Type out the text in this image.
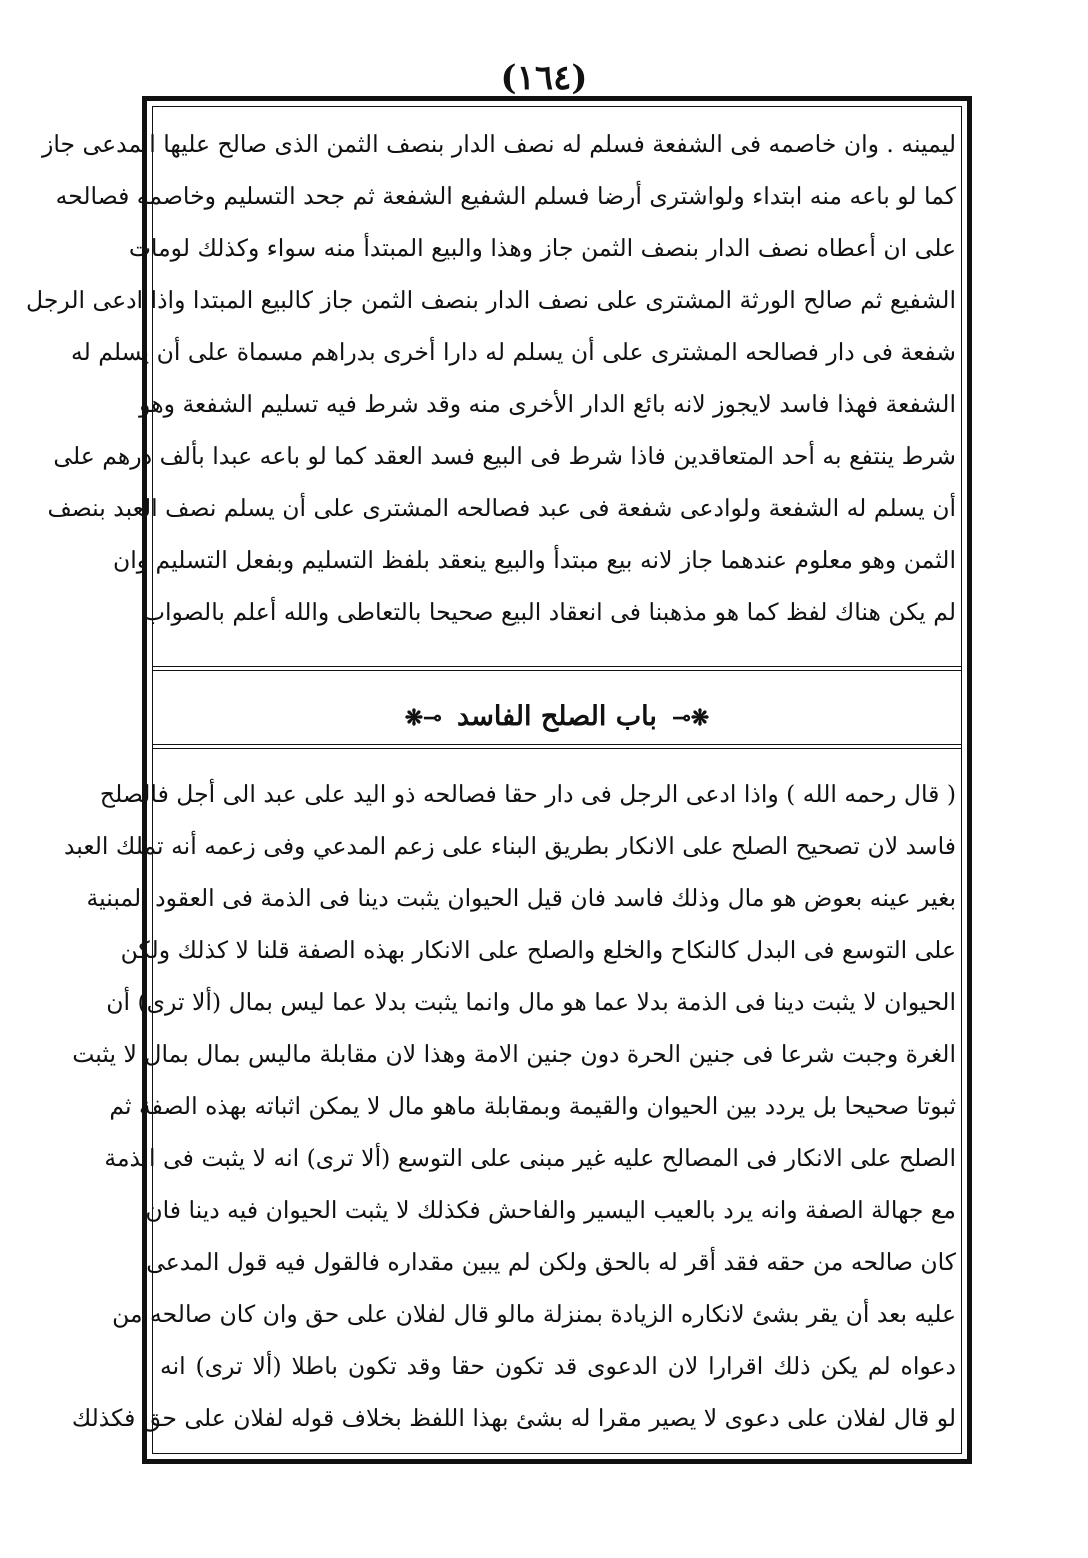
(١٦٤)
ليمينه . وان خاصمه فى الشفعة فسلم له نصف الدار بنصف الثمن الذى صالح عليها المدعى جاز
كما لو باعه منه ابتداء ولواشترى أرضا فسلم الشفيع الشفعة ثم جحد التسليم وخاصمه فصالحه
على ان أعطاه نصف الدار بنصف الثمن جاز وهذا والبيع المبتدأ منه سواء وكذلك لومات
الشفيع ثم صالح الورثة المشترى على نصف الدار بنصف الثمن جاز كالبيع المبتدا واذا ادعى الرجل
شفعة فى دار فصالحه المشترى على أن يسلم له دارا أخرى بدراهم مسماة على أن يسلم له
الشفعة فهذا فاسد لايجوز لانه بائع الدار الأخرى منه وقد شرط فيه تسليم الشفعة وهو
شرط ينتفع به أحد المتعاقدين فاذا شرط فى البيع فسد العقد كما لو باعه عبدا بألف درهم على
أن يسلم له الشفعة ولوادعى شفعة فى عبد فصالحه المشترى على أن يسلم نصف العبد بنصف
الثمن وهو معلوم عندهما جاز لانه بيع مبتدأ والبيع ينعقد بلفظ التسليم وبفعل التسليم وان
لم يكن هناك لفظ كما هو مذهبنا فى انعقاد البيع صحيحا بالتعاطى والله أعلم بالصواب
❋⊸ باب الصلح الفاسد ⊸❋
( قال رحمه الله ) واذا ادعى الرجل فى دار حقا فصالحه ذو اليد على عبد الى أجل فالصلح
فاسد لان تصحيح الصلح على الانكار بطريق البناء على زعم المدعي وفى زعمه أنه تملك العبد
بغير عينه بعوض هو مال وذلك فاسد فان قيل الحيوان يثبت دينا فى الذمة فى العقود المبنية
على التوسع فى البدل كالنكاح والخلع والصلح على الانكار بهذه الصفة قلنا لا كذلك ولكن
الحيوان لا يثبت دينا فى الذمة بدلا عما هو مال وانما يثبت بدلا عما ليس بمال (ألا ترى) أن
الغرة وجبت شرعا فى جنين الحرة دون جنين الامة وهذا لان مقابلة ماليس بمال بمال لا يثبت
ثبوتا صحيحا بل يردد بين الحيوان والقيمة وبمقابلة ماهو مال لا يمكن اثباته بهذه الصفة ثم
الصلح على الانكار فى المصالح عليه غير مبنى على التوسع (ألا ترى) انه لا يثبت فى الذمة
مع جهالة الصفة وانه يرد بالعيب اليسير والفاحش فكذلك لا يثبت الحيوان فيه دينا فان
كان صالحه من حقه فقد أقر له بالحق ولكن لم يبين مقداره فالقول فيه قول المدعى
عليه بعد أن يقر بشئ لانكاره الزيادة بمنزلة مالو قال لفلان على حق وان كان صالحه من
دعواه لم يكن ذلك اقرارا لان الدعوى قد تكون حقا وقد تكون باطلا (ألا ترى) انه
لو قال لفلان على دعوى لا يصير مقرا له بشئ بهذا اللفظ بخلاف قوله لفلان على حق فكذلك
